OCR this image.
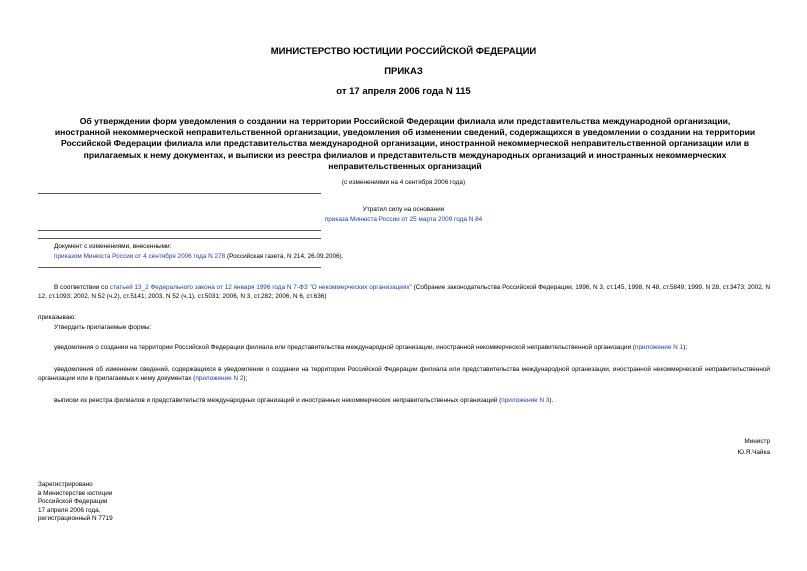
МИНИСТЕРСТВО ЮСТИЦИИ РОССИЙСКОЙ ФЕДЕРАЦИИ
ПРИКАЗ
от 17 апреля 2006 года N 115
Об утверждении форм уведомления о создании на территории Российской Федерации филиала или представительства международной организации,
иностранной некоммерческой неправительственной организации, уведомления об изменении сведений, содержащихся в уведомлении о создании на территории
Российской Федерации филиала или представительства международной организации, иностранной некоммерческой неправительственной организации или в
прилагаемых к нему документах, и выписки из реестра филиалов и представительств международных организаций и иностранных некоммерческих
неправительственных организаций
(с изменениями на 4 сентября 2006 года)
Утратил силу на основании
приказа Минюста России от 25 марта 2009 года N 84
Документ с изменениями, внесенными:
приказом Минюста России от 4 сентября 2006 года N 278 (Российская газета, N 214, 26.09.2006).
В соответствии со статьей 13_2 Федерального закона от 12 января 1996 года N 7-ФЗ "О некоммерческих организациях" (Собрание законодательства Российской Федерации, 1996, N 3, ст.145, 1998, N 48, ст.5849; 1999, N 28, ст.3473; 2002, N 12, ст.1093; 2002, N 52 (ч.2), ст.5141; 2003, N 52 (ч.1), ст.5031; 2006, N 3, ст.282; 2006, N 6, ст.636)
приказываю:
Утвердить прилагаемые формы:
уведомления о создании на территории Российской Федерации филиала или представительства международной организации, иностранной некоммерческой неправительственной организации (приложение N 1);
уведомления об изменении сведений, содержащихся в уведомлении о создании на территории Российской Федерации филиала или представительства международной организации, иностранной некоммерческой неправительственной организации или в прилагаемых к нему документах (приложение N 2);
выписки из реестра филиалов и представительств международных организаций и иностранных некоммерческих неправительственных организаций (приложение N 3).
Министр
Ю.Я.Чайка
Зарегистрировано
в Министерстве юстиции
Российской Федерации
17 апреля 2006 года,
регистрационный N 7719
